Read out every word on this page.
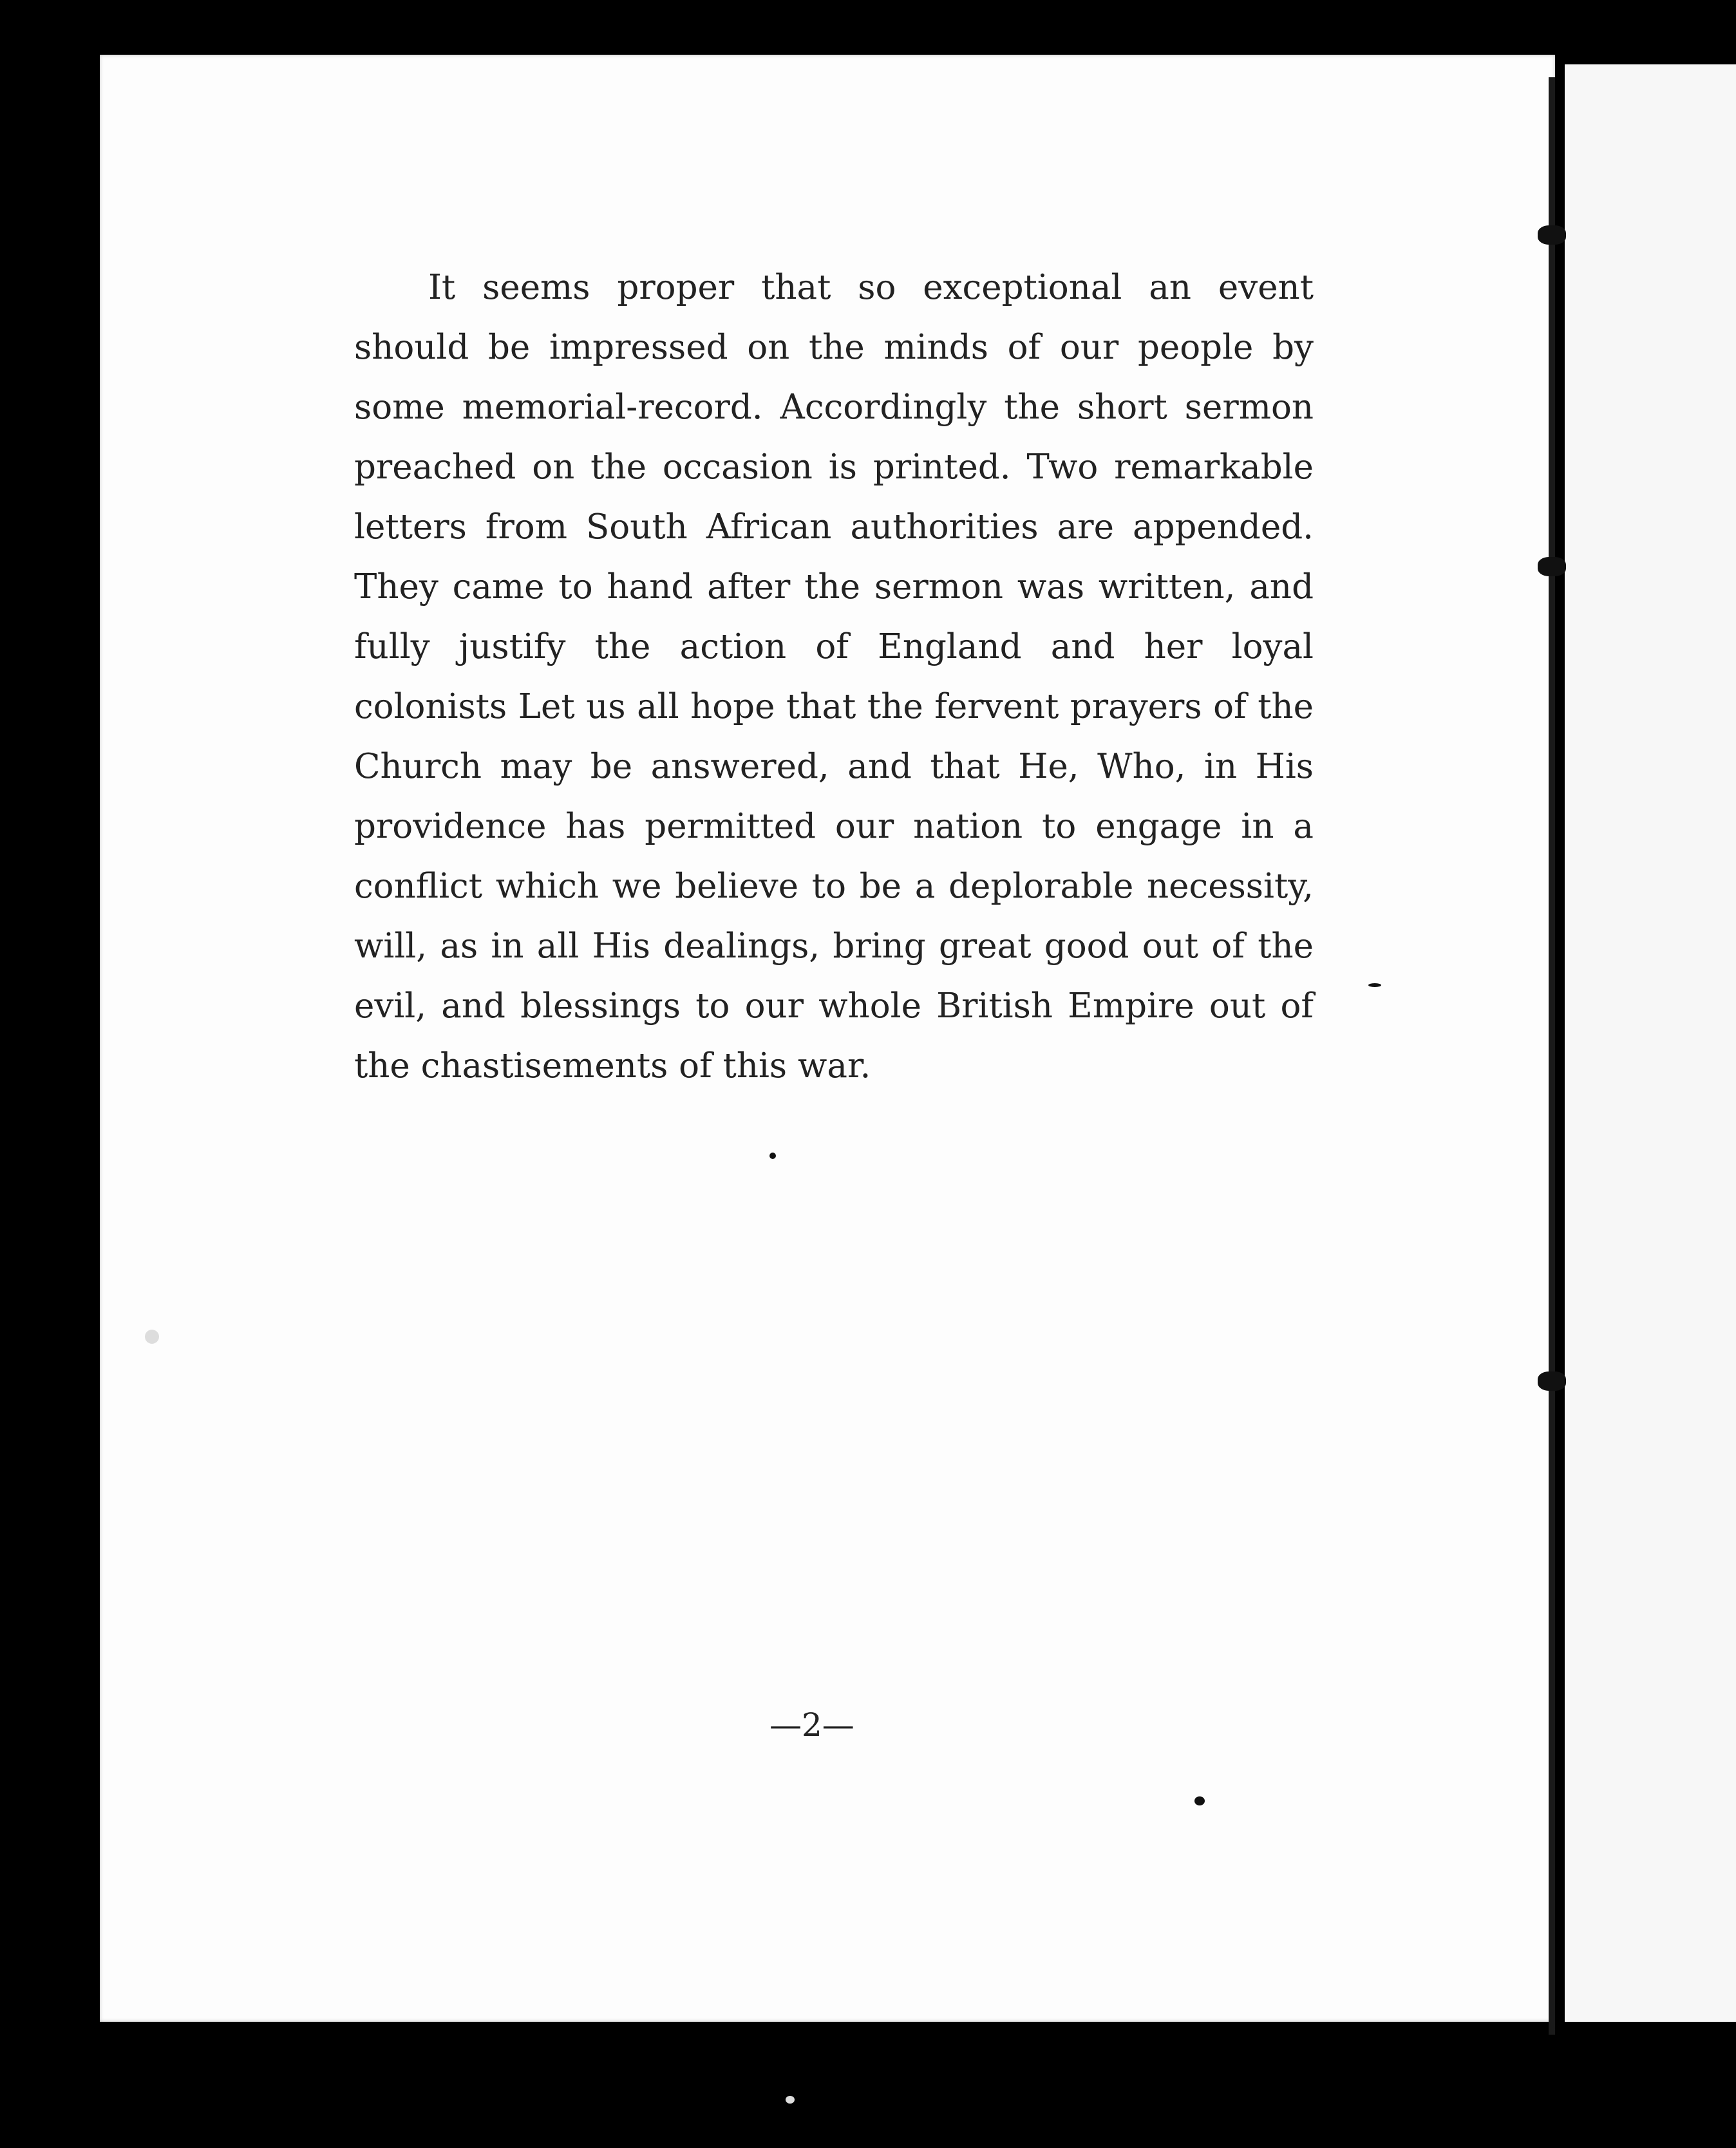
It seems proper that so exceptional an event should be impressed on the minds of our people by some memorial-record. Accordingly the short sermon preached on the occasion is printed. Two remarkable letters from South African authorities are appended. They came to hand after the sermon was written, and fully justify the action of England and her loyal colonists Let us all hope that the fervent prayers of the Church may be answered, and that He, Who, in His providence has permitted our nation to engage in a conflict which we believe to be a deplorable necessity, will, as in all His dealings, bring great good out of the evil, and blessings to our whole British Empire out of the chastisements of this war.

—2—
